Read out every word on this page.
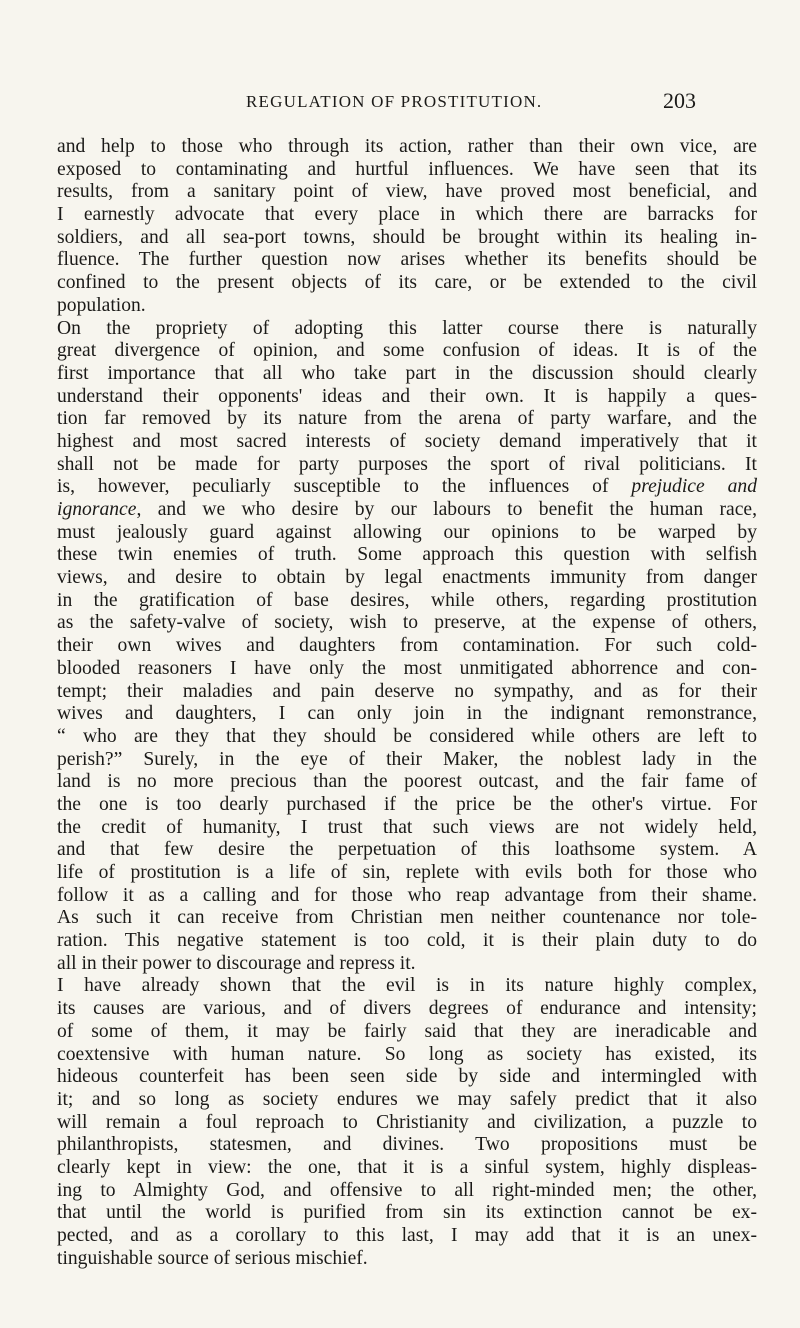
REGULATION OF PROSTITUTION.	203
and help to those who through its action, rather than their own vice, are
exposed to contaminating and hurtful influences. We have seen that its
results, from a sanitary point of view, have proved most beneficial, and
I earnestly advocate that every place in which there are barracks for
soldiers, and all sea-port towns, should be brought within its healing in-
fluence. The further question now arises whether its benefits should be
confined to the present objects of its care, or be extended to the civil
population.
On the propriety of adopting this latter course there is naturally
great divergence of opinion, and some confusion of ideas. It is of the
first importance that all who take part in the discussion should clearly
understand their opponents' ideas and their own. It is happily a ques-
tion far removed by its nature from the arena of party warfare, and the
highest and most sacred interests of society demand imperatively that it
shall not be made for party purposes the sport of rival politicians. It
is, however, peculiarly susceptible to the influences of prejudice and
ignorance, and we who desire by our labours to benefit the human race,
must jealously guard against allowing our opinions to be warped by
these twin enemies of truth. Some approach this question with selfish
views, and desire to obtain by legal enactments immunity from danger
in the gratification of base desires, while others, regarding prostitution
as the safety-valve of society, wish to preserve, at the expense of others,
their own wives and daughters from contamination. For such cold-
blooded reasoners I have only the most unmitigated abhorrence and con-
tempt; their maladies and pain deserve no sympathy, and as for their
wives and daughters, I can only join in the indignant remonstrance,
“ who are they that they should be considered while others are left to
perish?” Surely, in the eye of their Maker, the noblest lady in the
land is no more precious than the poorest outcast, and the fair fame of
the one is too dearly purchased if the price be the other's virtue. For
the credit of humanity, I trust that such views are not widely held,
and that few desire the perpetuation of this loathsome system. A
life of prostitution is a life of sin, replete with evils both for those who
follow it as a calling and for those who reap advantage from their shame.
As such it can receive from Christian men neither countenance nor tole-
ration. This negative statement is too cold, it is their plain duty to do
all in their power to discourage and repress it.
I have already shown that the evil is in its nature highly complex,
its causes are various, and of divers degrees of endurance and intensity;
of some of them, it may be fairly said that they are ineradicable and
coextensive with human nature. So long as society has existed, its
hideous counterfeit has been seen side by side and intermingled with
it; and so long as society endures we may safely predict that it also
will remain a foul reproach to Christianity and civilization, a puzzle to
philanthropists, statesmen, and divines. Two propositions must be
clearly kept in view: the one, that it is a sinful system, highly displeas-
ing to Almighty God, and offensive to all right-minded men; the other,
that until the world is purified from sin its extinction cannot be ex-
pected, and as a corollary to this last, I may add that it is an unex-
tinguishable source of serious mischief.
